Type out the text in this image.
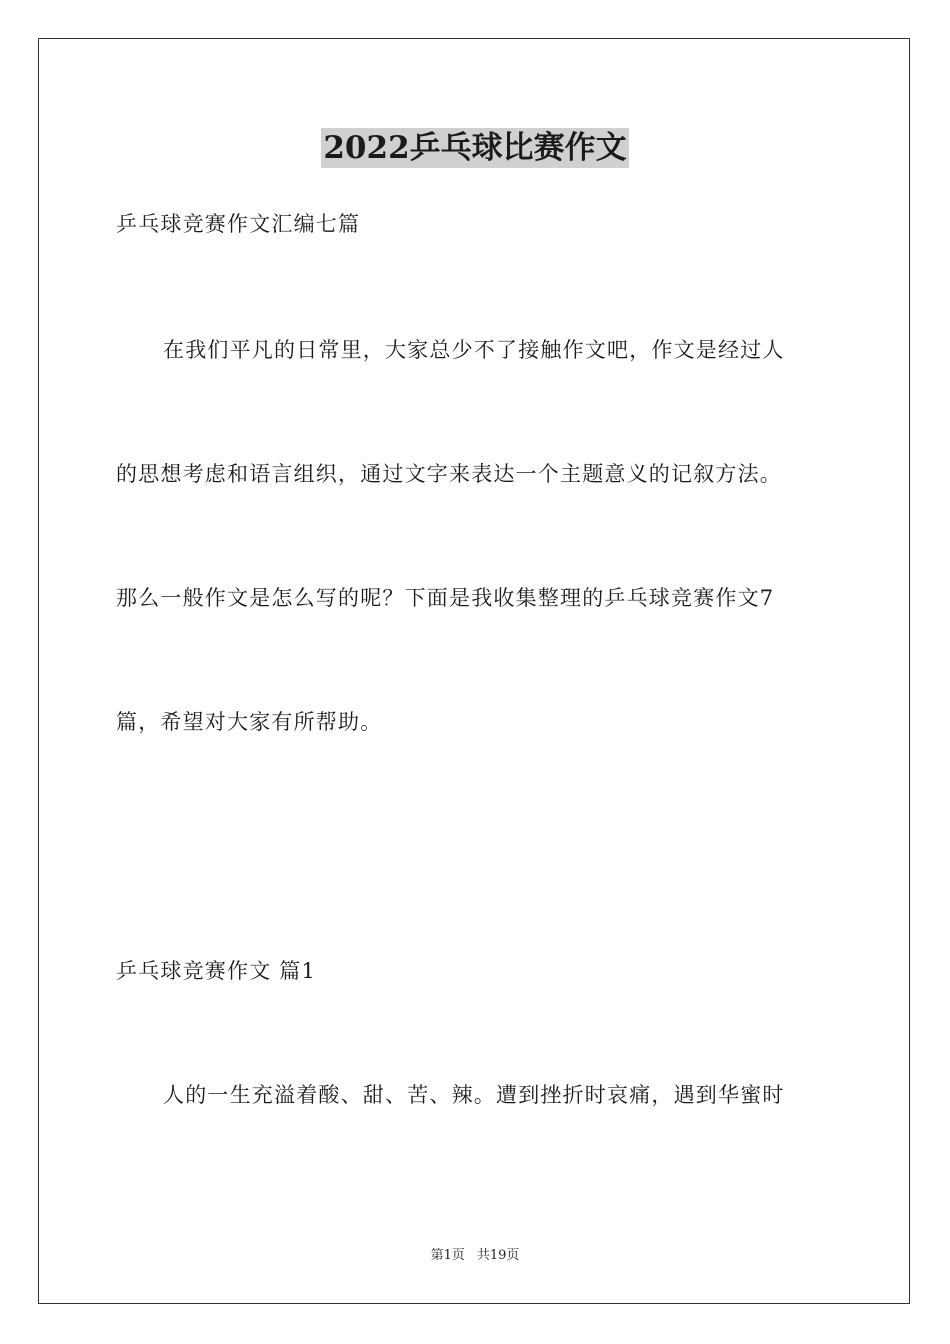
2022乒乓球比赛作文
乒乓球竞赛作文汇编七篇
在我们平凡的日常里，大家总少不了接触作文吧，作文是经过人
的思想考虑和语言组织，通过文字来表达一个主题意义的记叙方法。
那么一般作文是怎么写的呢？下面是我收集整理的乒乓球竞赛作文7
篇，希望对大家有所帮助。
乒乓球竞赛作文 篇1
人的一生充溢着酸、甜、苦、辣。遭到挫折时哀痛，遇到华蜜时
第1页 共19页
